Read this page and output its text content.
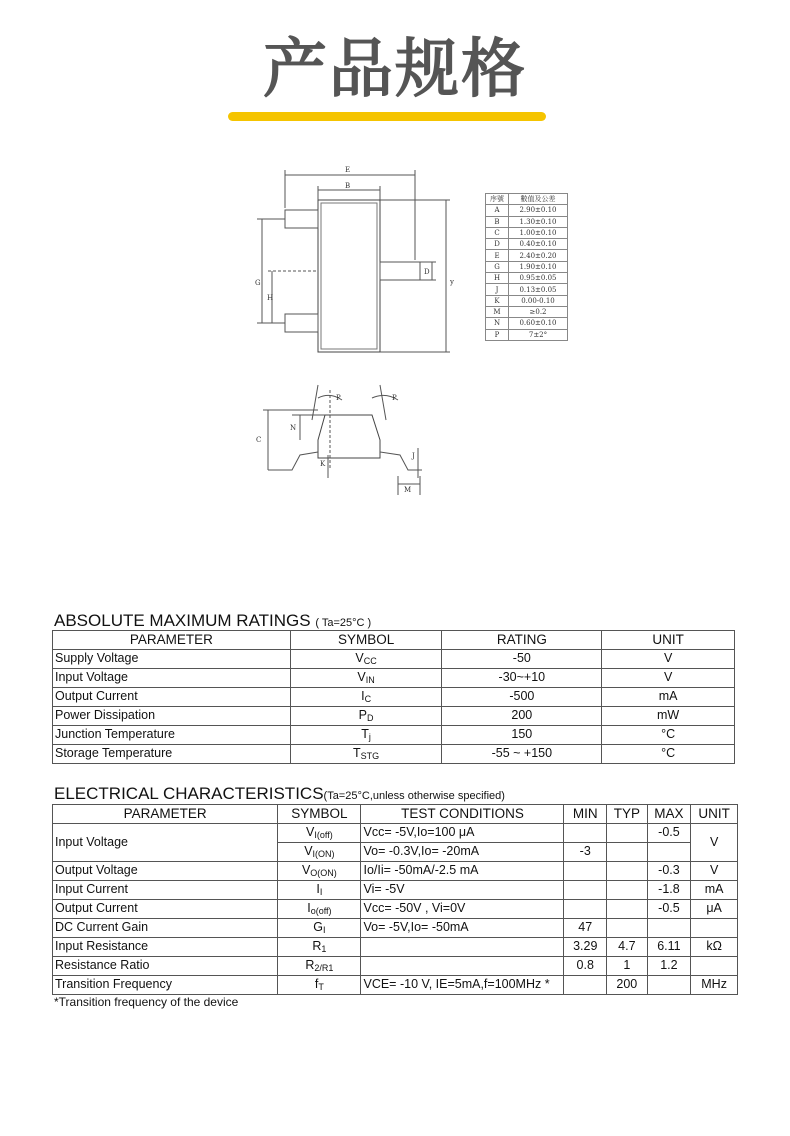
产品规格
E
B
G
H
D
y
C
N
P	P
K
J
M
序號	數值及公差
A	2.90±0.10
B	1.30±0.10
C	1.00±0.10
D	0.40±0.10
E	2.40±0.20
G	1.90±0.10
H	0.95±0.05
J	0.13±0.05
K	0.00-0.10
M	≥0.2
N	0.60±0.10
P	7±2°
ABSOLUTE MAXIMUM RATINGS ( Ta=25°C )
PARAMETER	SYMBOL	RATING	UNIT
Supply Voltage	$V_{CC}$	-50	V
Input Voltage	$V_{IN}$	-30~+10	V
Output Current	$I_C$	-500	mA
Power Dissipation	$P_D$	200	mW
Junction Temperature	$T_j$	150	°C
Storage Temperature	$T_{STG}$	-55 ~ +150	°C
ELECTRICAL CHARACTERISTICS(Ta=25°C,unless otherwise specified)
PARAMETER	SYMBOL	TEST CONDITIONS	MIN	TYP	MAX	UNIT
Input Voltage	$V_{I(off)}$	Vcc= -5V,Io=100 μA			-0.5	V
	$V_{I(ON)}$	Vo= -0.3V,Io= -20mA	-3			
Output Voltage	$V_{O(ON)}$	Io/Ii= -50mA/-2.5 mA			-0.3	V
Input Current	$I_I$	Vi= -5V			-1.8	mA
Output Current	$I_{o(off)}$	Vcc= -50V , Vi=0V			-0.5	μA
DC Current Gain	$G_I$	Vo= -5V,Io= -50mA	47			
Input Resistance	$R_1$		3.29	4.7	6.11	kΩ
Resistance Ratio	$R_{2/R1}$		0.8	1	1.2	
Transition Frequency	$f_T$	VCE= -10 V, IE=5mA,f=100MHz *		200		MHz
*Transition frequency of the device
